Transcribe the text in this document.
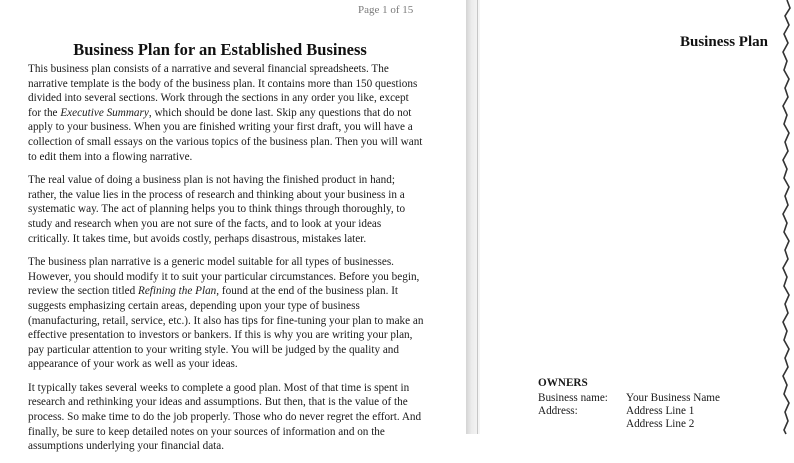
Page 1 of 15
Business Plan for an Established Business
This business plan consists of a narrative and several financial spreadsheets. The
narrative template is the body of the business plan. It contains more than 150 questions
divided into several sections. Work through the sections in any order you like, except
for the Executive Summary, which should be done last. Skip any questions that do not
apply to your business. When you are finished writing your first draft, you will have a
collection of small essays on the various topics of the business plan. Then you will want
to edit them into a flowing narrative.
The real value of doing a business plan is not having the finished product in hand;
rather, the value lies in the process of research and thinking about your business in a
systematic way. The act of planning helps you to think things through thoroughly, to
study and research when you are not sure of the facts, and to look at your ideas
critically. It takes time, but avoids costly, perhaps disastrous, mistakes later.
The business plan narrative is a generic model suitable for all types of businesses.
However, you should modify it to suit your particular circumstances. Before you begin,
review the section titled Refining the Plan, found at the end of the business plan. It
suggests emphasizing certain areas, depending upon your type of business
(manufacturing, retail, service, etc.). It also has tips for fine-tuning your plan to make an
effective presentation to investors or bankers. If this is why you are writing your plan,
pay particular attention to your writing style. You will be judged by the quality and
appearance of your work as well as your ideas.
It typically takes several weeks to complete a good plan. Most of that time is spent in
research and rethinking your ideas and assumptions. But then, that is the value of the
process. So make time to do the job properly. Those who do never regret the effort. And
finally, be sure to keep detailed notes on your sources of information and on the
assumptions underlying your financial data.
Business Plan
OWNERS
Business name: Your Business Name
Address:	Address Line 1
Address Line 2
